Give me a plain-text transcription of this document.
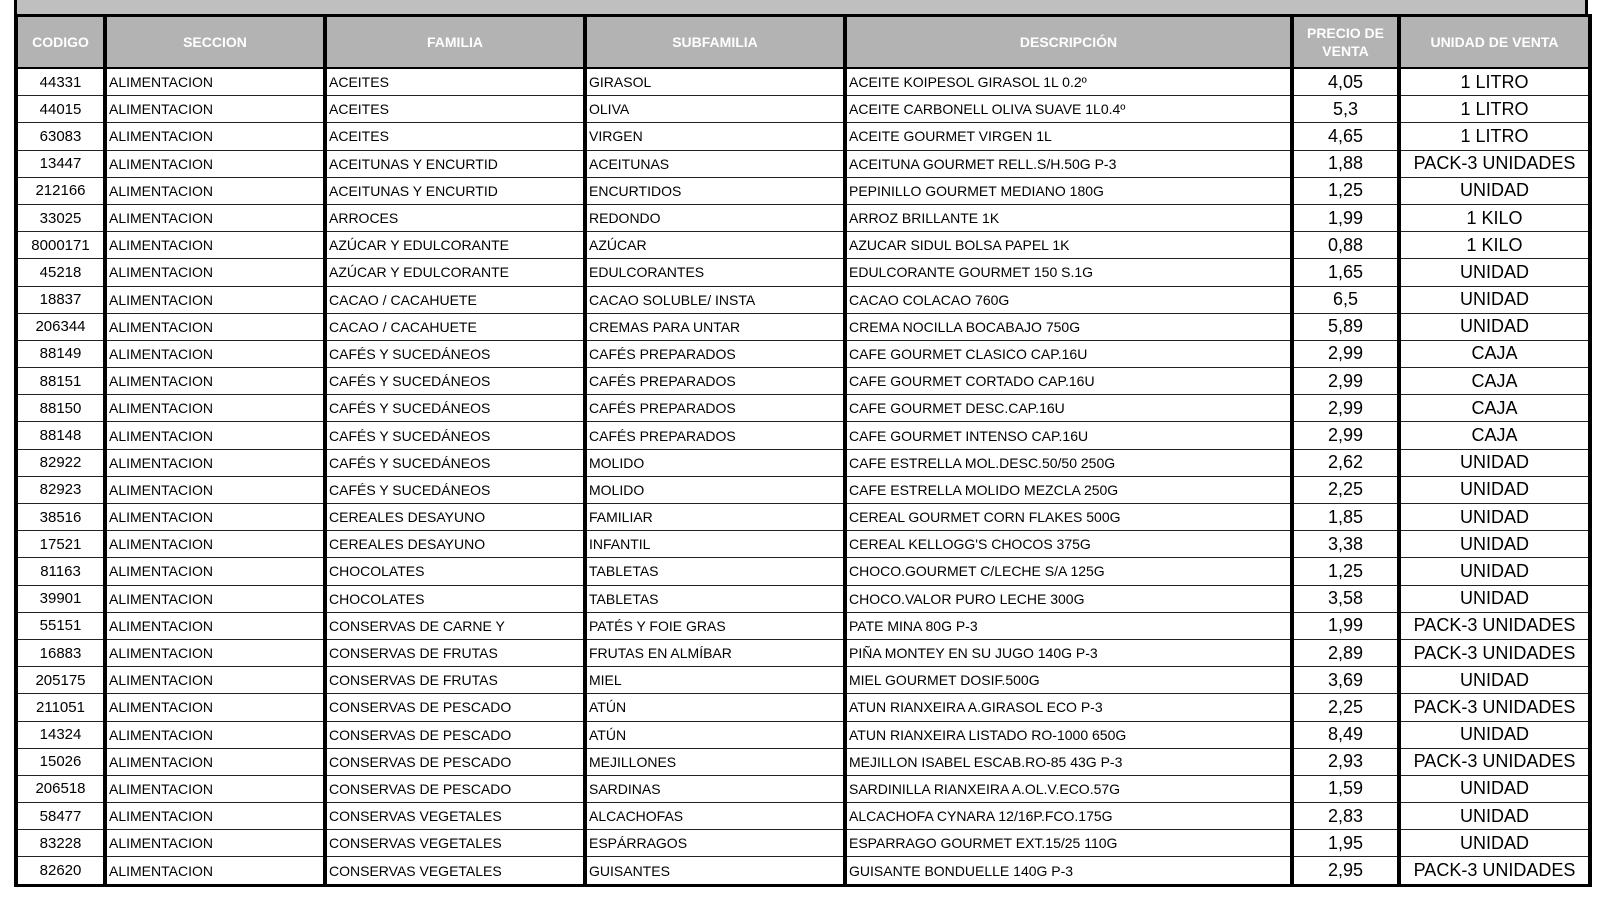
CODIGO	SECCION	FAMILIA	SUBFAMILIA	DESCRIPCIÓN	PRECIO DE VENTA	UNIDAD DE VENTA
44331	ALIMENTACION	ACEITES	GIRASOL	ACEITE KOIPESOL GIRASOL 1L 0.2º	4,05	1 LITRO
44015	ALIMENTACION	ACEITES	OLIVA	ACEITE CARBONELL OLIVA SUAVE 1L0.4º	5,3	1 LITRO
63083	ALIMENTACION	ACEITES	VIRGEN	ACEITE GOURMET VIRGEN 1L	4,65	1 LITRO
13447	ALIMENTACION	ACEITUNAS Y ENCURTID	ACEITUNAS	ACEITUNA GOURMET RELL.S/H.50G P-3	1,88	PACK-3 UNIDADES
212166	ALIMENTACION	ACEITUNAS Y ENCURTID	ENCURTIDOS	PEPINILLO GOURMET MEDIANO 180G	1,25	UNIDAD
33025	ALIMENTACION	ARROCES	REDONDO	ARROZ BRILLANTE 1K	1,99	1 KILO
8000171	ALIMENTACION	AZÚCAR Y EDULCORANTE	AZÚCAR	AZUCAR SIDUL BOLSA PAPEL 1K	0,88	1 KILO
45218	ALIMENTACION	AZÚCAR Y EDULCORANTE	EDULCORANTES	EDULCORANTE GOURMET 150 S.1G	1,65	UNIDAD
18837	ALIMENTACION	CACAO / CACAHUETE	CACAO SOLUBLE/ INSTA	CACAO COLACAO 760G	6,5	UNIDAD
206344	ALIMENTACION	CACAO / CACAHUETE	CREMAS PARA UNTAR	CREMA NOCILLA BOCABAJO 750G	5,89	UNIDAD
88149	ALIMENTACION	CAFÉS Y SUCEDÁNEOS	CAFÉS PREPARADOS	CAFE GOURMET CLASICO CAP.16U	2,99	CAJA
88151	ALIMENTACION	CAFÉS Y SUCEDÁNEOS	CAFÉS PREPARADOS	CAFE GOURMET CORTADO CAP.16U	2,99	CAJA
88150	ALIMENTACION	CAFÉS Y SUCEDÁNEOS	CAFÉS PREPARADOS	CAFE GOURMET DESC.CAP.16U	2,99	CAJA
88148	ALIMENTACION	CAFÉS Y SUCEDÁNEOS	CAFÉS PREPARADOS	CAFE GOURMET INTENSO CAP.16U	2,99	CAJA
82922	ALIMENTACION	CAFÉS Y SUCEDÁNEOS	MOLIDO	CAFE ESTRELLA MOL.DESC.50/50 250G	2,62	UNIDAD
82923	ALIMENTACION	CAFÉS Y SUCEDÁNEOS	MOLIDO	CAFE ESTRELLA MOLIDO MEZCLA 250G	2,25	UNIDAD
38516	ALIMENTACION	CEREALES DESAYUNO	FAMILIAR	CEREAL GOURMET CORN FLAKES 500G	1,85	UNIDAD
17521	ALIMENTACION	CEREALES DESAYUNO	INFANTIL	CEREAL KELLOGG'S CHOCOS 375G	3,38	UNIDAD
81163	ALIMENTACION	CHOCOLATES	TABLETAS	CHOCO.GOURMET C/LECHE S/A 125G	1,25	UNIDAD
39901	ALIMENTACION	CHOCOLATES	TABLETAS	CHOCO.VALOR PURO LECHE 300G	3,58	UNIDAD
55151	ALIMENTACION	CONSERVAS DE CARNE Y	PATÉS Y FOIE GRAS	PATE MINA 80G P-3	1,99	PACK-3 UNIDADES
16883	ALIMENTACION	CONSERVAS DE FRUTAS	FRUTAS EN ALMÍBAR	PIÑA MONTEY EN SU JUGO 140G P-3	2,89	PACK-3 UNIDADES
205175	ALIMENTACION	CONSERVAS DE FRUTAS	MIEL	MIEL GOURMET DOSIF.500G	3,69	UNIDAD
211051	ALIMENTACION	CONSERVAS DE PESCADO	ATÚN	ATUN RIANXEIRA A.GIRASOL ECO P-3	2,25	PACK-3 UNIDADES
14324	ALIMENTACION	CONSERVAS DE PESCADO	ATÚN	ATUN RIANXEIRA LISTADO RO-1000 650G	8,49	UNIDAD
15026	ALIMENTACION	CONSERVAS DE PESCADO	MEJILLONES	MEJILLON ISABEL ESCAB.RO-85 43G P-3	2,93	PACK-3 UNIDADES
206518	ALIMENTACION	CONSERVAS DE PESCADO	SARDINAS	SARDINILLA RIANXEIRA A.OL.V.ECO.57G	1,59	UNIDAD
58477	ALIMENTACION	CONSERVAS VEGETALES	ALCACHOFAS	ALCACHOFA CYNARA 12/16P.FCO.175G	2,83	UNIDAD
83228	ALIMENTACION	CONSERVAS VEGETALES	ESPÁRRAGOS	ESPARRAGO GOURMET EXT.15/25 110G	1,95	UNIDAD
82620	ALIMENTACION	CONSERVAS VEGETALES	GUISANTES	GUISANTE BONDUELLE 140G P-3	2,95	PACK-3 UNIDADES
